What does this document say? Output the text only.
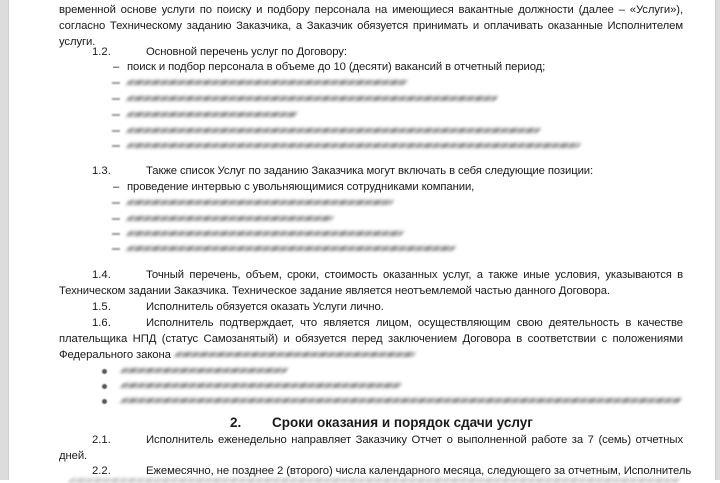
временной основе услуги по поиску и подбору персонала на имеющиеся вакантные должности (далее – «Услуги»),
согласно Техническому заданию Заказчика, а Заказчик обязуется принимать и оплачивать оказанные Исполнителем
услуги.
1.2.	Основной перечень услуг по Договору:
– поиск и подбор персонала в объеме до 10 (десяти) вакансий в отчетный период;
1.3.	Также список Услуг по заданию Заказчика могут включать в себя следующие позиции:
– проведение интервью с увольняющимися сотрудниками компании,
1.4.	Точный перечень, объем, сроки, стоимость оказанных услуг, а также иные условия, указываются в
Техническом задании Заказчика. Техническое задание является неотъемлемой частью данного Договора.
1.5.	Исполнитель обязуется оказать Услуги лично.
1.6.	Исполнитель подтверждает, что является лицом, осуществляющим свою деятельность в качестве
плательщика НПД (статус Самозанятый) и обязуется перед заключением Договора в соответствии с положениями
Федерального закона
2. Сроки оказания и порядок сдачи услуг
2.1.	Исполнитель еженедельно направляет Заказчику Отчет о выполненной работе за 7 (семь) отчетных
дней.
2.2.	Ежемесячно, не позднее 2 (второго) числа календарного месяца, следующего за отчетным, Исполнитель
